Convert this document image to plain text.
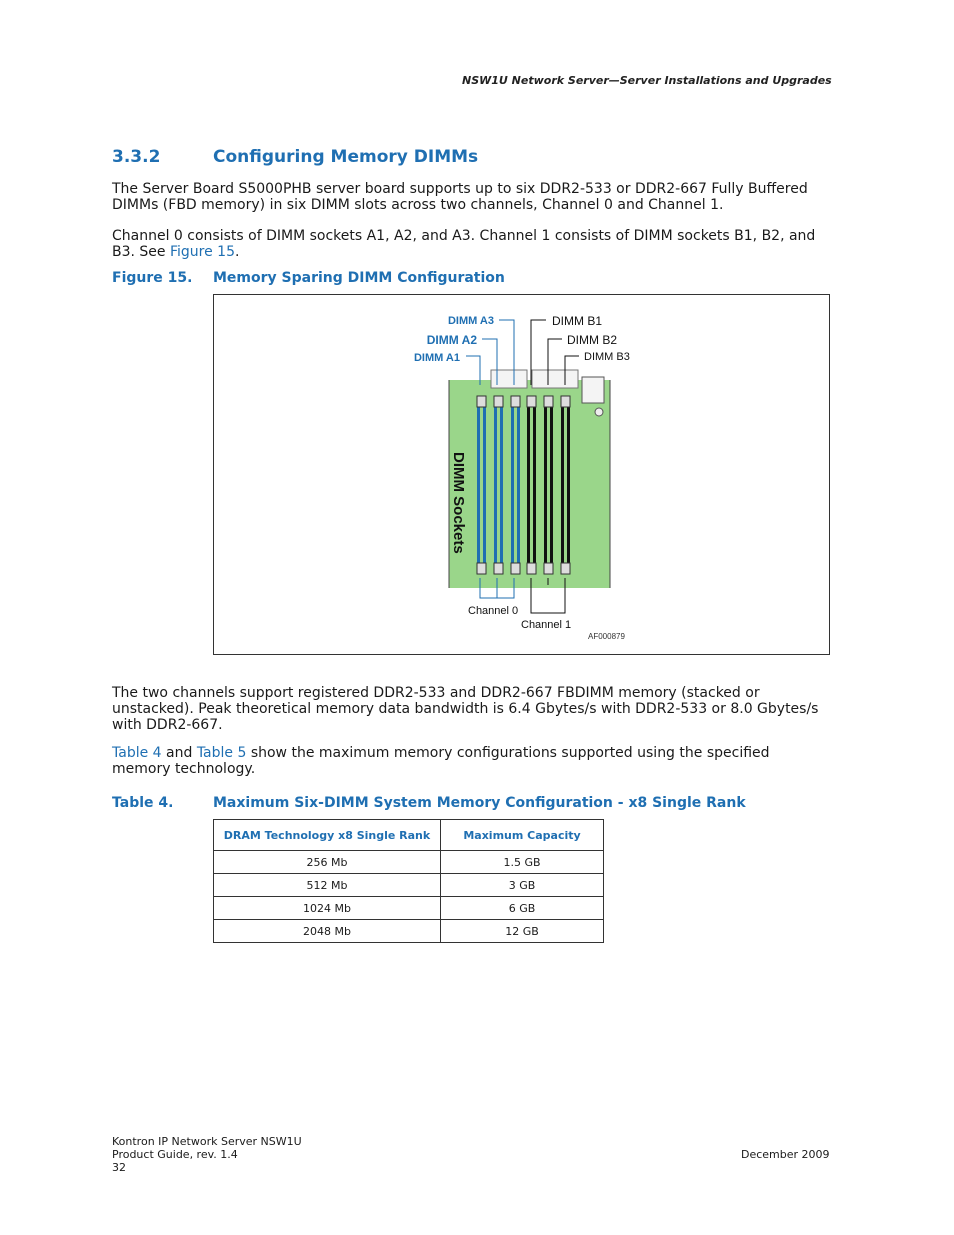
NSW1U Network Server—Server Installations and Upgrades
3.3.2	Configuring Memory DIMMs
The Server Board S5000PHB server board supports up to six DDR2-533 or DDR2-667 Fully Buffered DIMMs (FBD memory) in six DIMM slots across two channels, Channel 0 and Channel 1.
Channel 0 consists of DIMM sockets A1, A2, and A3. Channel 1 consists of DIMM sockets B1, B2, and B3. See Figure 15.
Figure 15. Memory Sparing DIMM Configuration
DIMM A3
DIMM A2
DIMM A1
DIMM B1
DIMM B2
DIMM B3
DIMM Sockets
Channel 0
Channel 1
AF000879
The two channels support registered DDR2-533 and DDR2-667 FBDIMM memory (stacked or unstacked). Peak theoretical memory data bandwidth is 6.4 Gbytes/s with DDR2-533 or 8.0 Gbytes/s with DDR2-667.
Table 4 and Table 5 show the maximum memory configurations supported using the specified memory technology.
Table 4.	Maximum Six-DIMM System Memory Configuration - x8 Single Rank
DRAM Technology x8 Single Rank	Maximum Capacity
256 Mb	1.5 GB
512 Mb	3 GB
1024 Mb	6 GB
2048 Mb	12 GB
Kontron IP Network Server NSW1U
Product Guide, rev. 1.4
32
December 2009
